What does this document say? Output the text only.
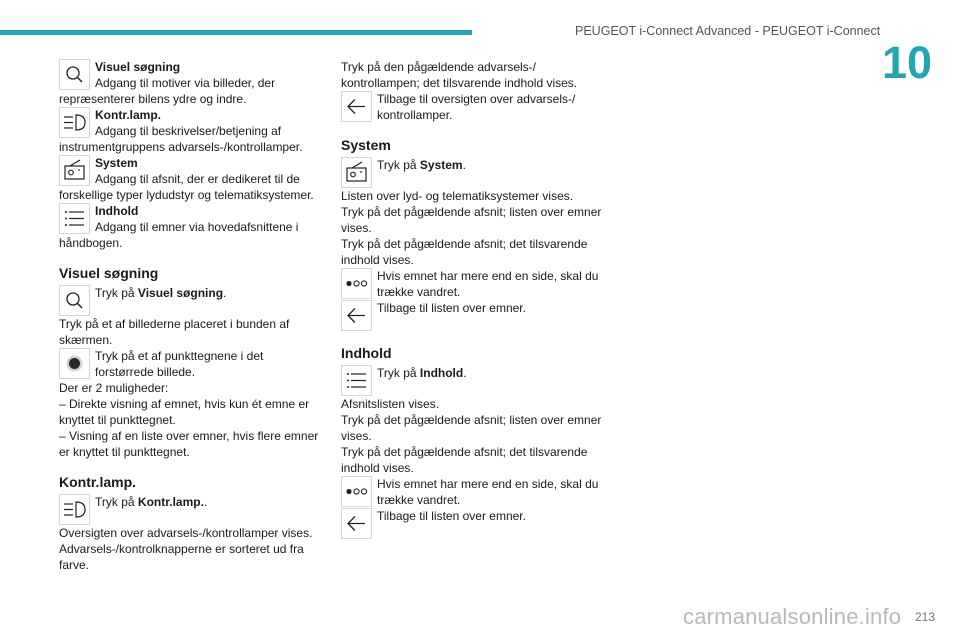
PEUGEOT i-Connect Advanced - PEUGEOT i-Connect
10

Visuel søgning
Adgang til motiver via billeder, der repræsenterer bilens ydre og indre.

Kontr.lamp.
Adgang til beskrivelser/betjening af instrumentgruppens advarsels-/kontrollamper.

System
Adgang til afsnit, der er dedikeret til de forskellige typer lydudstyr og telematiksystemer.

Indhold
Adgang til emner via hovedafsnittene i håndbogen.

Visuel søgning

Tryk på Visuel søgning.

Tryk på et af billederne placeret i bunden af skærmen.

Tryk på et af punkttegnene i det forstørrede billede.

Der er 2 muligheder:

– Direkte visning af emnet, hvis kun ét emne er knyttet til punkttegnet.

– Visning af en liste over emner, hvis flere emner er knyttet til punkttegnet.

Kontr.lamp.

Tryk på Kontr.lamp..

Oversigten over advarsels-/kontrollamper vises.

Advarsels-/kontrolknapperne er sorteret ud fra farve.

Tryk på den pågældende advarsels-/ kontrollampen; det tilsvarende indhold vises.

Tilbage til oversigten over advarsels-/ kontrollamper.

System

Tryk på System.

Listen over lyd- og telematiksystemer vises.

Tryk på det pågældende afsnit; listen over emner vises.

Tryk på det pågældende afsnit; det tilsvarende indhold vises.

Hvis emnet har mere end en side, skal du trække vandret.

Tilbage til listen over emner.

Indhold

Tryk på Indhold.

Afsnitslisten vises.

Tryk på det pågældende afsnit; listen over emner vises.

Tryk på det pågældende afsnit; det tilsvarende indhold vises.

Hvis emnet har mere end en side, skal du trække vandret.

Tilbage til listen over emner.

carmanualsonline.info 213
